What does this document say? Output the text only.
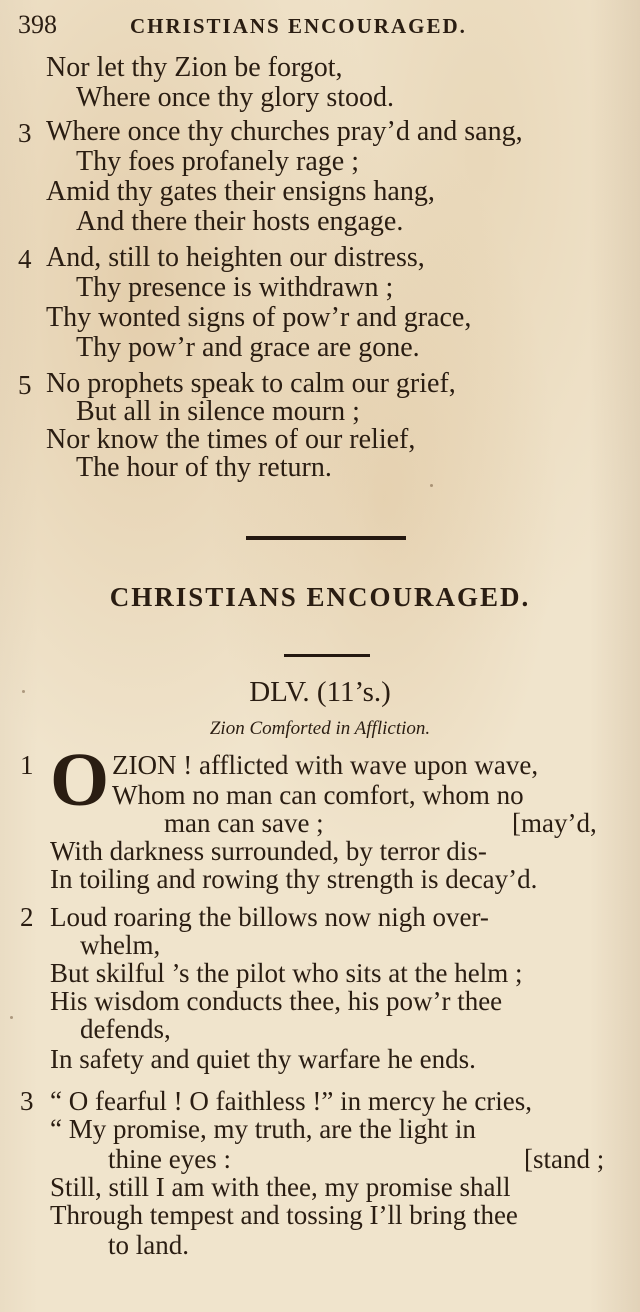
398	CHRISTIANS ENCOURAGED.
Nor let thy Zion be forgot,
Where once thy glory stood.
3 Where once thy churches pray’d and sang,
Thy foes profanely rage ;
Amid thy gates their ensigns hang,
And there their hosts engage.
4 And, still to heighten our distress,
Thy presence is withdrawn ;
Thy wonted signs of pow’r and grace,
Thy pow’r and grace are gone.
5 No prophets speak to calm our grief,
But all in silence mourn ;
Nor know the times of our relief,
The hour of thy return.
CHRISTIANS ENCOURAGED.
DLV. (11’s.)
Zion Comforted in Affliction.
1 O ZION ! afflicted with wave upon wave,
Whom no man can comfort, whom no
man can save ;	[may’d,
With darkness surrounded, by terror dis-
In toiling and rowing thy strength is decay’d.
2 Loud roaring the billows now nigh over-
whelm,
But skilful ’s the pilot who sits at the helm ;
His wisdom conducts thee, his pow’r thee
defends,
In safety and quiet thy warfare he ends.
3 “ O fearful ! O faithless !” in mercy he cries,
“ My promise, my truth, are the light in
thine eyes :	[stand ;
Still, still I am with thee, my promise shall
Through tempest and tossing I’ll bring thee
to land.
